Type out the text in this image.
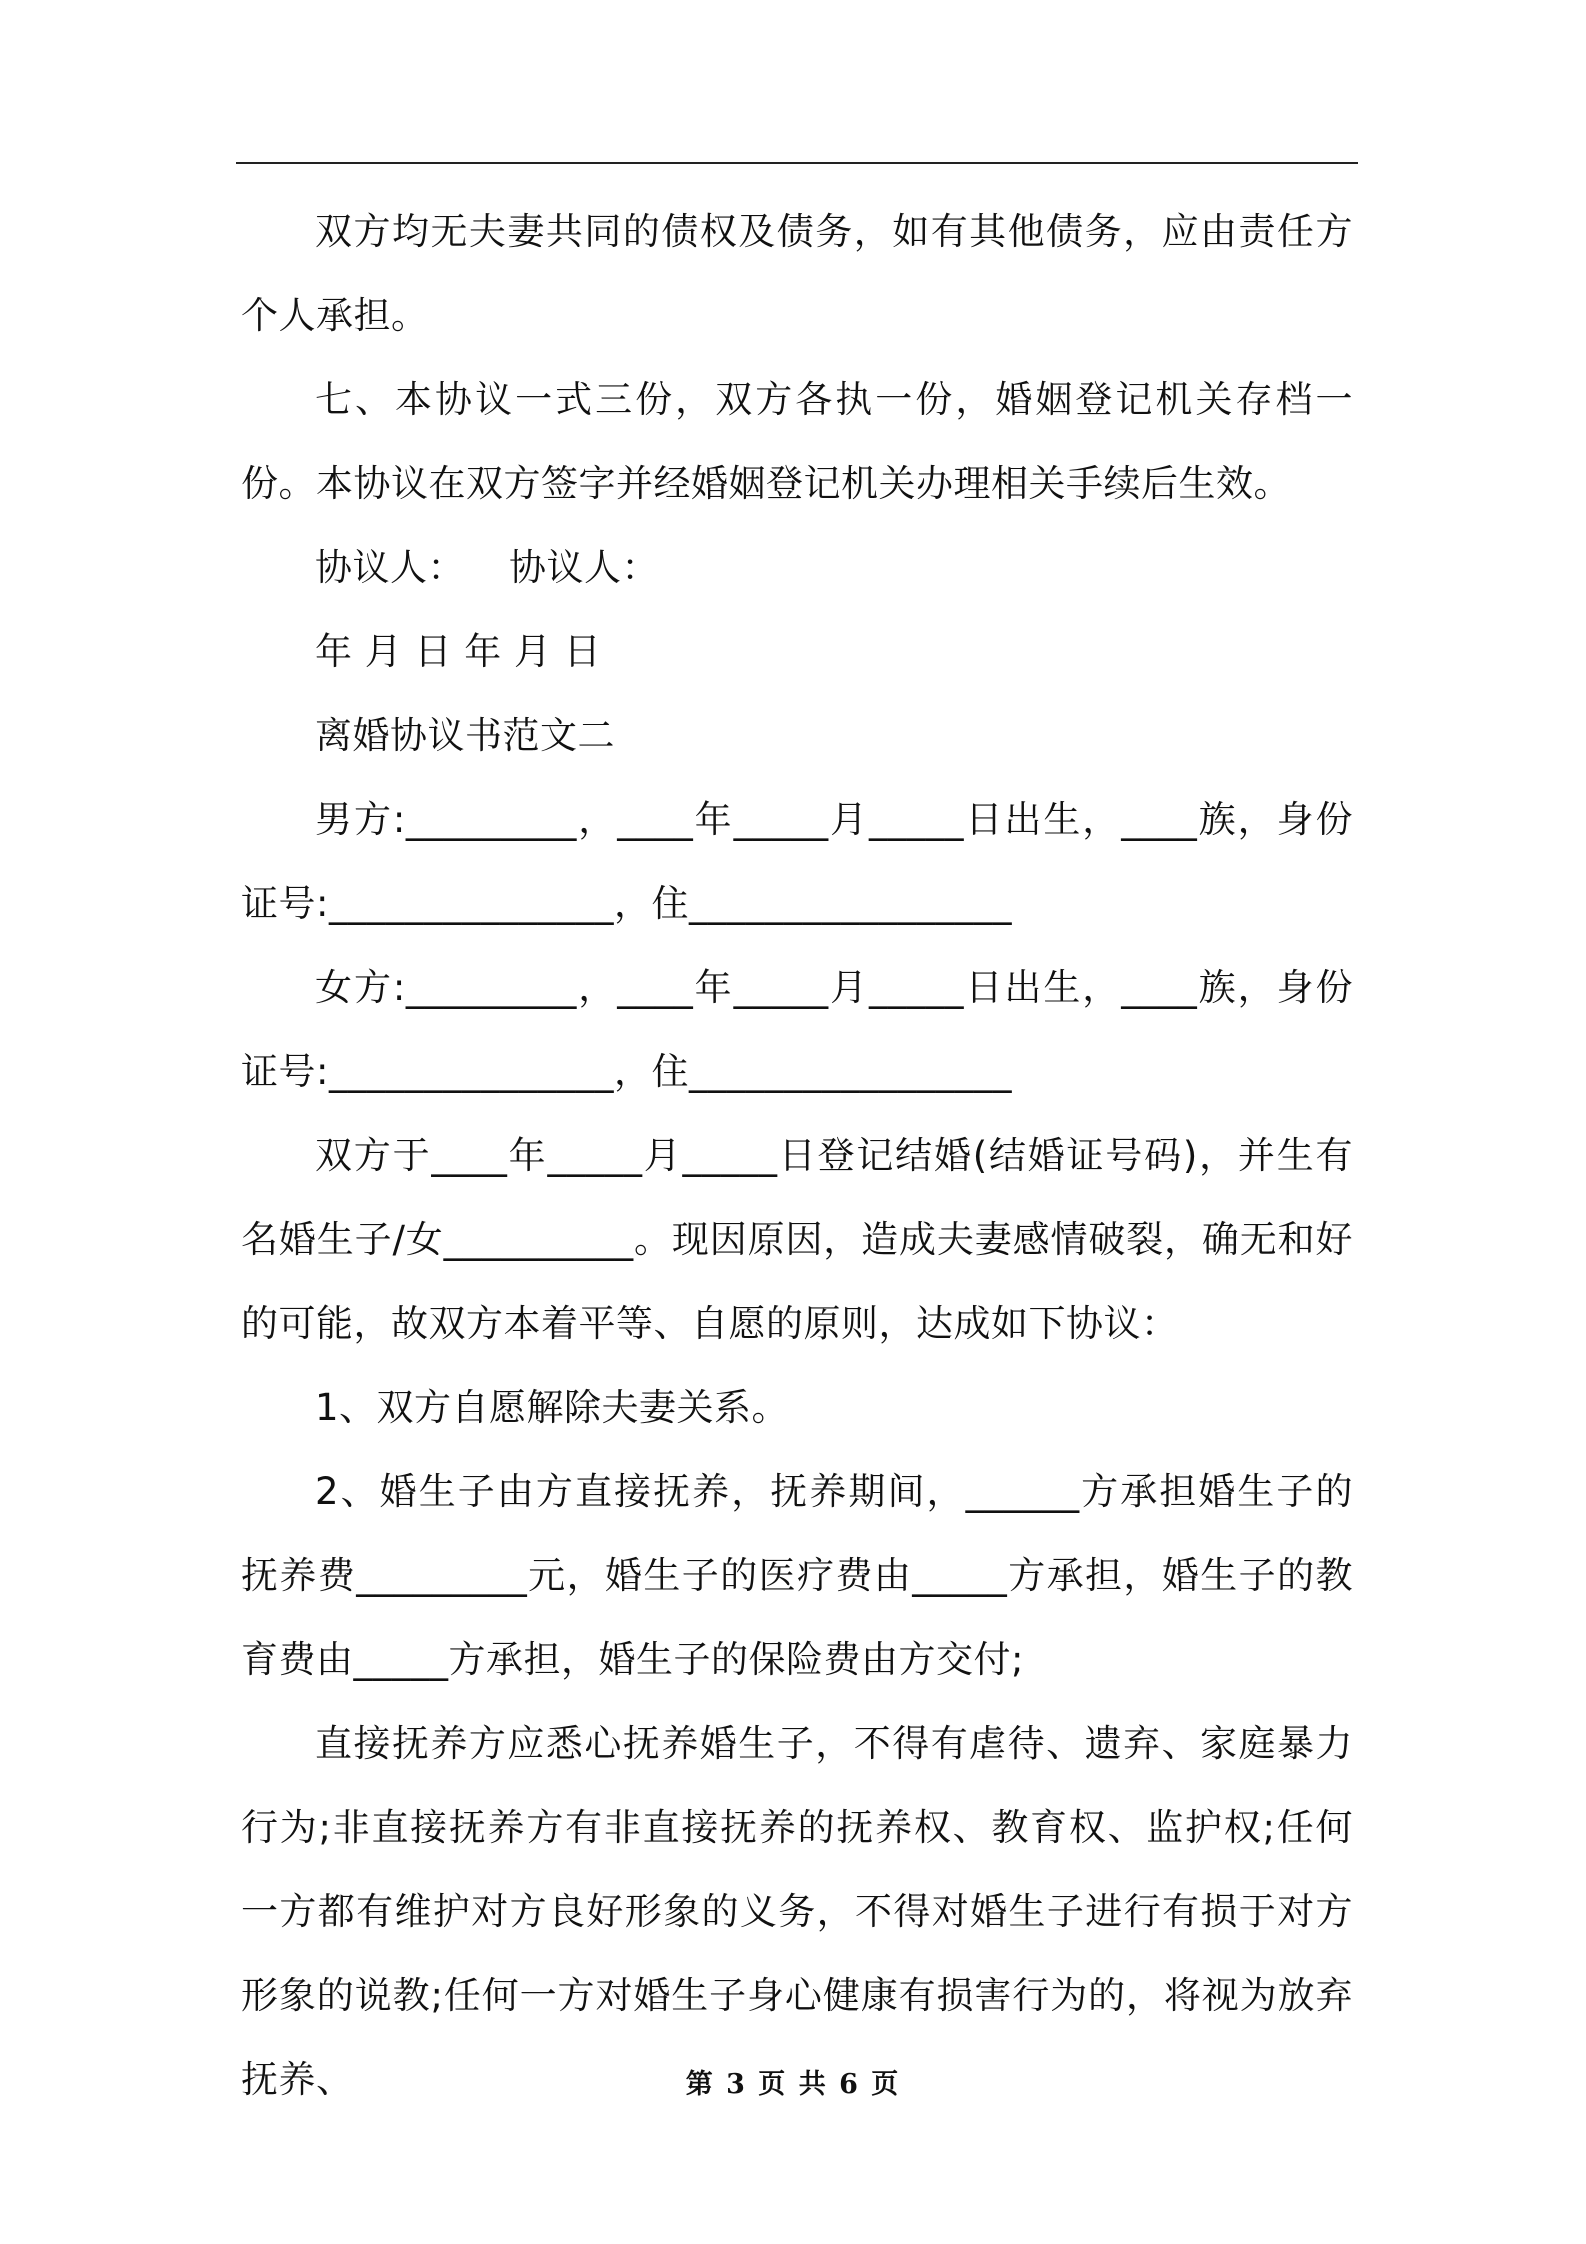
双方均无夫妻共同的债权及债务，如有其他债务，应由责任方个人承担。

七、本协议一式三份，双方各执一份，婚姻登记机关存档一份。本协议在双方签字并经婚姻登记机关办理相关手续后生效。

协议人： 协议人：

年 月 日 年 月 日

离婚协议书范文二

男方:_________，____年_____月_____日出生，____族，身份证号:_______________，住_________________

女方:_________，____年_____月_____日出生，____族，身份证号:_______________，住_________________

双方于____年_____月_____日登记结婚(结婚证号码)，并生有名婚生子/女__________。现因原因，造成夫妻感情破裂，确无和好的可能，故双方本着平等、自愿的原则，达成如下协议：

1、双方自愿解除夫妻关系。

2、婚生子由方直接抚养，抚养期间，______方承担婚生子的抚养费_________元，婚生子的医疗费由_____方承担，婚生子的教育费由_____方承担，婚生子的保险费由方交付;

直接抚养方应悉心抚养婚生子，不得有虐待、遗弃、家庭暴力行为;非直接抚养方有非直接抚养的抚养权、教育权、监护权;任何一方都有维护对方良好形象的义务，不得对婚生子进行有损于对方形象的说教;任何一方对婚生子身心健康有损害行为的，将视为放弃抚养、	第 3 页 共 6 页
